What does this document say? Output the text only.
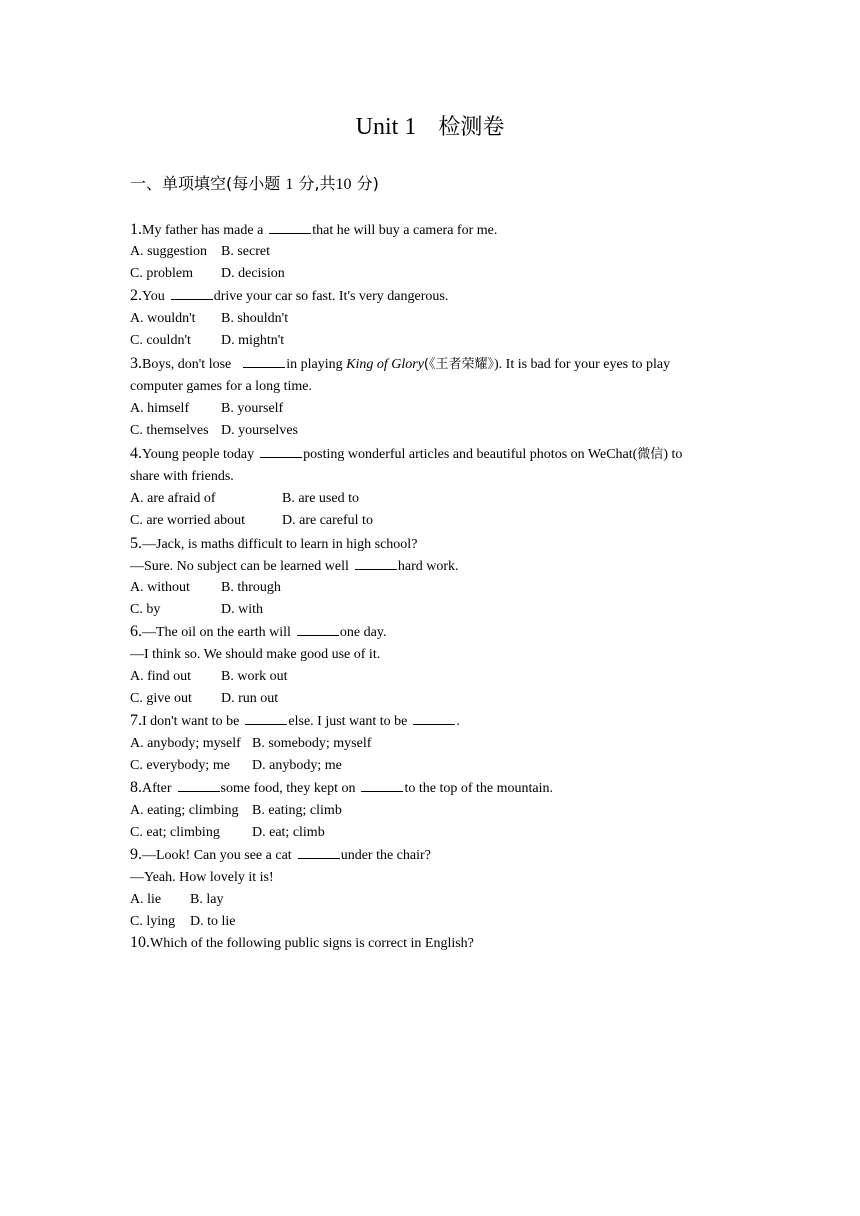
Unit 1 检测卷
一、单项填空(每小题 1 分,共10 分)
1.My father has made a	that he will buy a camera for me.
A. suggestion B. secret
C. problem D. decision
2.You	drive your car so fast. It's very dangerous.
A. wouldn't B. shouldn't
C. couldn't D. mightn't
3.Boys, don't lose	in playing King of Glory(《王者荣耀》). It is bad for your eyes to play
computer games for a long time.
A. himself B. yourself
C. themselves D. yourselves
4.Young people today	posting wonderful articles and beautiful photos on WeChat(微信) to
share with friends.
A. are afraid of	B. are used to
C. are worried about	D. are careful to
5.—Jack, is maths difficult to learn in high school?
—Sure. No subject can be learned well	hard work.
A. without B. through
C. by	D. with
6.—The oil on the earth will	one day.
—I think so. We should make good use of it.
A. find out B. work out
C. give out D. run out
7.I don't want to be	else. I just want to be	.
A. anybody; myself B. somebody; myself
C. everybody; me D. anybody; me
8.After	some food, they kept on	to the top of the mountain.
A. eating; climbing B. eating; climb
C. eat; climbing D. eat; climb
9.—Look! Can you see a cat	under the chair?
—Yeah. How lovely it is!
A. lie B. lay
C. lying D. to lie
10.Which of the following public signs is correct in English?
